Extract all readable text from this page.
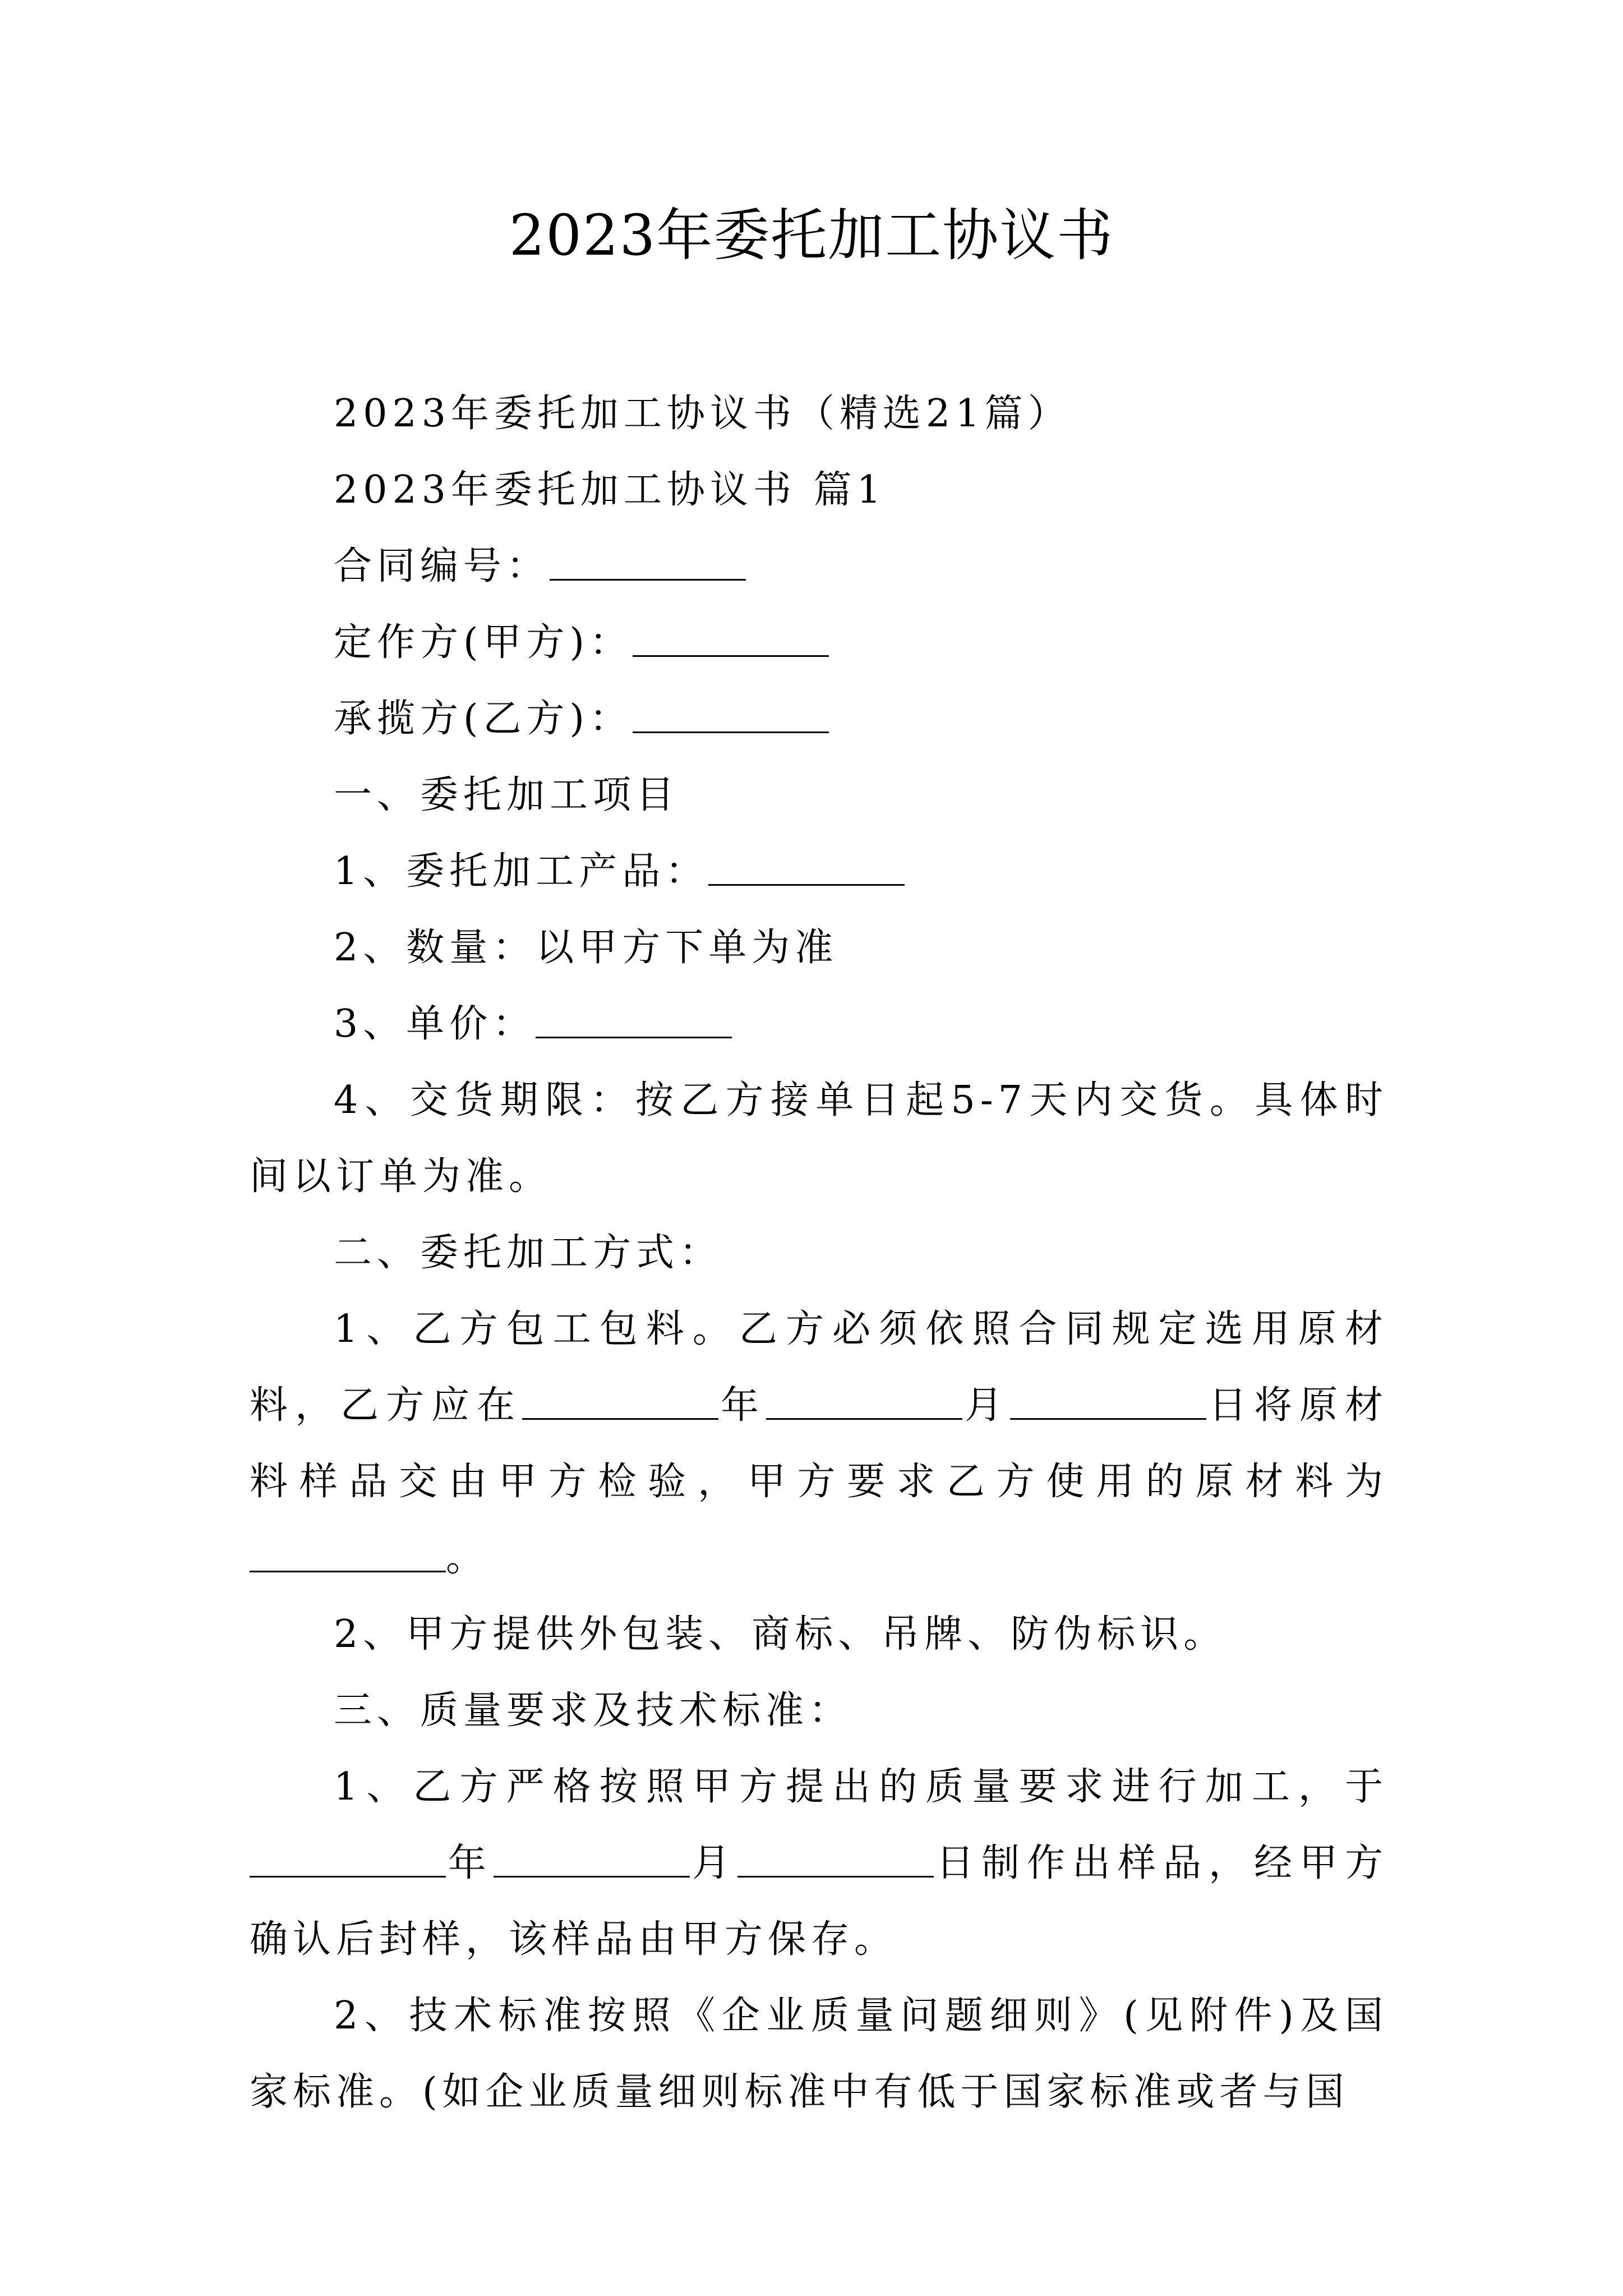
2023年委托加工协议书

2023年委托加工协议书（精选21篇）

2023年委托加工协议书 篇1

合同编号：

定作方(甲方)：

承揽方(乙方)：

一、委托加工项目

1、委托加工产品：

2、数量：以甲方下单为准

3、单价：

4、交货期限：按乙方接单日起5-7天内交货。具体时间以订单为准。

二、委托加工方式：

1、乙方包工包料。乙方必须依照合同规定选用原材料，乙方应在	年	月	日将原材料样品交由甲方检验，甲方要求乙方使用的原材料为。

2、甲方提供外包装、商标、吊牌、防伪标识。

三、质量要求及技术标准：

1、乙方严格按照甲方提出的质量要求进行加工，于年	月	日制作出样品，经甲方确认后封样，该样品由甲方保存。

2、技术标准按照《企业质量问题细则》(见附件)及国家标准。(如企业质量细则标准中有低于国家标准或者与国
